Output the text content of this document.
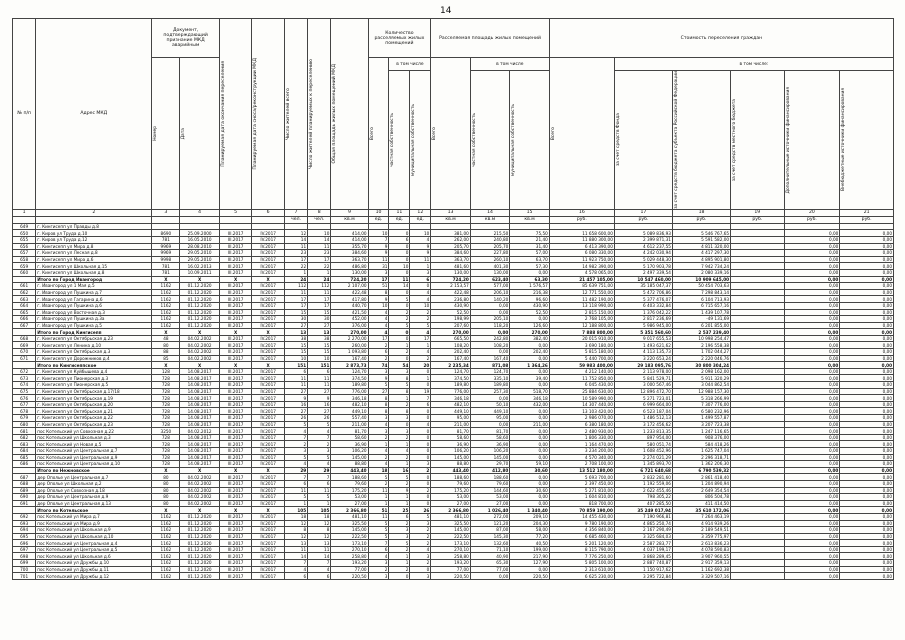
14
№ п/п	Адрес МКД	Документ, подтверждающий признание МКД аварийным		Планируемая дата окончания переселения	Планируемая дата сноса/реконструкции МКД	Число жителей всего	Число жителей планируемых к переселению	Общая площадь жилых помещений МКД	Количество расселяемых жилых помещений			Расселяемая площадь жилых помещений			Стоимость переселения граждан					

		Номер	Дата						Всего	в том числе		Всего	в том числе		Всего	в том числе:				

										частная собственность	муниципальная собственность		частная собственность	муниципальная собственность		за счет средств Фонда	за счет средств бюджета субъекта Российской Федерации	за счет средств местного бюджета	Дополнительные источники финансирования	Внебюджетные источники финансирования

1	2	3	4	5	6	7	8	9	10	11	12	13	14	15	16	17	18	19	20	21
						чел.	чел.	кв.м	ед.	ед.	ед.	кв.м	кв.м	кв.м	руб.	руб.	руб.	руб.	руб.	руб.
649	г. Кингисепп ул Правды д.8																			
650	г. Киров ул Труда д.10	8690	25.09.2000	III.2017	IV.2017	12	10	414,00	10	0	10	381,00	215,50	75,50	11 658 600,00	5 089 836,93	5 546 767,65		0,00	0,00
655	г. Киров ул Труда д.12	781	16.05.2010	III.2017	IV.2017	14	14	414,00	7	6	4	262,00	240,80	21,40	11 880 300,00	2 399 871,31	5 591 582,00		0,00	0,00
656	г. Кингисепп ул Мира д.8	9969	28.08.2010	III.2017	IV.2017	11	11	355,70	9	0	9	205,70	205,70	31,40	6 413 390,00	4 612 237,55	4 811 320,00		0,00	0,00
657	г. Кингисепп ул Лесная д.8	9969	29.05.2010	III.2017	IV.2017	23	23	384,60	9	0	9	384,60	227,80	57,00	6 080 330,00	4 242 030,94	4 417 297,30		0,00	0,00
658	г. Кингисепп ул Мира д.6	9998	29.05.2010	III.2017	IV.2017	17	17	363,70	11	0	11	363,70	260,10	63,70	11 923 750,00	5 029 448,30	4 895 901,80		0,00	0,00
659	г. Кингисепп ул Школьная д.15	781	16.02.2013	III.2017	IV.2017	22	22	486,80	31	10	1	481,60	401,30	57,30	14 982 390,00	5 170 903,78	7 942 734,24		0,00	0,00
660	г. Кингисепп ул Школьная д.8	781	10.09.2011	III.2017	IV.2017	1	1	130,00	3	0	3	130,00	130,00	0,00	4 578 065,00	2 497 339,54	2 080 339,16		0,00	0,00
	Итого по Город Ивангород	X	X	X	X	24	24	724,20	17	11	6	724,20	623,40	63,30	21 457 105,00	10 547 460,00	10 909 645,00		0,00	0,00
661	г. Ивангород ул 1 Мая д.5	1162	01.12.2020	III.2017	IV.2017	112	112	2 107,00	51	14	0	2 153,57	577,00	1 576,57	85 639 751,00	35 185 047,37	50 454 703,63		0,00	0,00
662	г. Ивангород ул Пушкина д.7	1162	01.12.2020	III.2017	IV.2017	11	11	422,48	8	0	4	422,48	206,10	216,38	12 771 550,00	5 472 706,86	7 298 843,14		0,00	0,00
663	г. Ивангород ул Гагарина д.6	1162	01.12.2020	III.2017	IV.2017	17	17	417,80	9	5	4	236,80	140,20	96,60	11 482 190,00	5 377 476,07	6 104 713,93		0,00	0,00
664	г. Ивангород ул Пушкина д.6	1162	01.12.2020	III.2017	IV.2017	17	17	440,70	10	0	10	430,90	0,00	430,90	13 118 990,00	6 403 332,84	6 715 657,16		0,00	0,00
665	г. Ивангород ул Восточная д.3	1162	01.12.2020	III.2017	IV.2017	15	15	421,50	4	2	2	52,50	0,00	52,50	2 815 150,00	1 376 042,22	1 439 107,78		0,00	0,00
666	г. Ивангород ул Пушкина д.3а	1162	01.12.2020	III.2017	IV.2017	30	30	452,00	4	2	2	198,99	205,10	0,00	2 768 105,00	2 817 236,69	-49 131,69		0,00	0,00
667	г. Ивангород ул Пушкина д.5	1162	01.12.2020	III.2017	IV.2017	27	27	376,00	4	5	5	207,60	118,20	126,60	12 188 800,00	5 986 945,00	6 201 855,00		0,00	0,00
	Итого по Город Кингисепп	X	X	X	X	13	13	270,00	4	0	4	270,00	0,00	270,00	7 888 800,00	5 351 560,60	2 537 239,40		0,00	0,00
668	г. Кингисепп ул Октябрьская д.23	48	04.02.2002	III.2017	IV.2017	38	38	2 270,00	17	0	17	665,50	242,80	382,40	20 015 910,00	9 017 655,53	10 998 254,47		0,00	0,00
669	г. Кингисепп ул Ленина д.10	80	04.02.2002	III.2017	IV.2017	15	15	260,00	2	1	1	108,20	108,20	0,00	3 690 180,00	1 493 621,62	2 196 558,38		0,00	0,00
670	г. Кингисепп ул Октябрьская д.3	88	04.02.2002	III.2017	IV.2017	15	15	1 093,80	6	2	4	202,40	0,00	202,40	5 815 180,00	4 113 135,73	1 702 044,27		0,00	0,00
671	г. Кингисепп ул Дорожников д.4	85	04.02.2002	III.2017	IV.2017	10	10	167,40	2	0	2	167,40	167,40	0,00	5 440 700,00	3 220 653,24	2 220 046,76		0,00	0,00
	Итого по Кингисеппское	X	X	X	X	151	151	2 873,73	74	54	20	2 235,34	871,08	1 364,26	59 983 400,00	29 183 095,76	30 800 304,24		0,00	0,00
672	г. Кингисепп ул Куйбышева д.4	128	14.08.2017	III.2017	IV.2017	6	6	124,70	3	3	0	124,70	124,70	0,00	4 212 140,00	2 113 978,00	2 098 162,00		0,00	0,00
673	г. Кингисепп ул Пионерская д.3	728	14.08.2017	III.2017	IV.2017	11	11	374,50	9	8	1	374,50	335,10	39,40	11 752 850,00	5 841 529,71	5 911 320,29		0,00	0,00
674	г. Кингисепп ул Пионерская д.5	728	14.08.2017	III.2017	IV.2017	11	11	189,80	5	5	0	189,80	189,80	0,00	6 045 430,00	3 000 567,46	3 044 862,54		0,00	0,00
675	г. Кингисепп ул Октябрьская д.17/18	728	14.08.2017	III.2017	IV.2017	27	27	776,00	27	8	19	776,00	257,30	518,70	25 884 630,00	12 896 472,70	12 988 157,30		0,00	0,00
676	г. Кингисепп ул Октябрьская д.19	728	14.08.2017	III.2017	IV.2017	9	9	346,18	8	1	7	346,18	0,00	346,18	10 589 990,00	5 271 723,01	5 318 266,99		0,00	0,00
677	г. Кингисепп ул Октябрьская д.20	728	14.08.2017	III.2017	IV.2017	16	16	482,10	8	2	6	482,10	50,10	432,00	14 307 440,00	6 999 664,00	7 307 776,00		0,00	0,00
678	г. Кингисепп ул Октябрьская д.21	728	14.08.2017	III.2017	IV.2017	27	27	449,10	8	8	0	449,10	449,10	0,00	13 103 420,00	6 523 187,04	6 580 232,96		0,00	0,00
679	г. Кингисепп ул Октябрьская д.22	728	14.08.2017	III.2017	IV.2017	26	26	557,40	3	3	0	95,00	95,00	0,00	2 986 070,00	1 486 512,13	1 499 557,87		0,00	0,00
680	г. Кингисепп ул Октябрьская д.23	728	14.08.2017	III.2017	IV.2017	5	5	211,00	4	0	4	211,00	0,00	211,00	6 380 180,00	3 172 456,62	3 207 723,38		0,00	0,00
681	пос Котельский ул Совхозная д.22	3250	04.02.2012	III.2017	IV.2017	4	4	81,70	3	3	0	81,70	81,70	0,00	2 480 930,00	1 233 813,35	1 247 116,65		0,00	0,00
682	пос Котельский ул Школьная д.3	728	14.08.2017	III.2017	IV.2017	7	7	58,60	2	2	0	58,60	58,60	0,00	1 806 330,00	897 954,00	908 376,00		0,00	0,00
683	пос Котельский ул Новая д.5	728	14.08.2017	III.2017	IV.2017	2	2	36,90	1	1	0	36,90	36,90	0,00	1 164 470,00	580 051,74	584 418,26		0,00	0,00
684	пос Котельский ул Центральная д.7	728	14.08.2017	III.2017	IV.2017	3	3	106,20	4	4	0	106,20	106,20	0,00	3 234 200,00	1 608 452,96	1 625 747,04		0,00	0,00
685	пос Котельский ул Центральная д.9	728	14.08.2017	III.2017	IV.2017	5	5	145,00	2	2	0	145,00	145,00	0,00	4 570 340,00	2 274 021,29	2 296 318,71		0,00	0,00
686	пос Котельский ул Центральная д.10	728	14.08.2017	III.2017	IV.2017	4	4	88,80	4	1	3	88,80	29,70	59,10	2 708 100,00	1 345 893,70	1 362 206,30		0,00	0,00
	Итого по Нежновское	X	X	X	X	29	29	443,40	18	16	2	443,40	412,80	30,60	13 512 180,00	6 721 640,68	6 790 539,32		0,00	0,00
687	дер Ополье ул Центральная д.7	80	04.02.2002	III.2017	IV.2017	7	7	188,60	5	5	0	188,60	188,60	0,00	5 693 700,00	2 832 281,60	2 861 418,40		0,00	0,00
688	дер Ополье ул Школьная д.2	80	04.02.2002	III.2017	IV.2017	6	6	79,60	2	2	0	79,60	79,60	0,00	2 397 450,00	1 192 559,06	1 204 890,94		0,00	0,00
689	дер Ополье ул Совхозная д.18	80	04.02.2002	III.2017	IV.2017	11	11	175,20	11	9	2	175,20	144,60	30,60	5 271 810,00	2 622 455,46	2 649 354,54		0,00	0,00
690	дер Ополье ул Центральная д.9	80	04.02.2002	III.2017	IV.2017	5	5	53,00	1	1	0	53,00	53,00	0,00	1 604 810,00	798 305,22	806 504,78		0,00	0,00
691	дер Ополье ул Центральная д.13	80	04.02.2002	III.2017	IV.2017	1	1	27,00	1	1	0	27,00	27,00	0,00	818 700,00	407 285,50	411 414,50		0,00	0,00
	Итого по Котельское	X	X	X	X	105	105	2 366,80	51	25	26	2 366,80	1 026,40	1 340,40	70 859 190,00	35 249 017,94	35 610 172,06		0,00	0,00
692	пос Котельский ул Мира д.7	1162	01.12.2020	III.2017	IV.2017	18	18	481,10	11	6	5	481,10	272,00	209,10	14 455 430,00	7 190 966,81	7 264 463,19		0,00	0,00
693	пос Котельский ул Мира д.9	1162	01.12.2020	III.2017	IV.2017	12	12	325,50	5	2	3	325,50	121,20	204,30	9 780 190,00	4 865 250,74	4 914 939,26		0,00	0,00
694	пос Котельский ул Школьная д.9	1162	01.12.2020	III.2017	IV.2017	8	8	145,00	5	3	2	145,00	87,00	58,00	4 356 840,00	2 167 290,49	2 189 549,51		0,00	0,00
695	пос Котельский ул Школьная д.10	1162	01.12.2020	III.2017	IV.2017	12	12	222,50	5	3	2	222,50	145,30	77,20	6 685 460,00	3 325 684,03	3 359 775,97		0,00	0,00
696	пос Котельский ул Центральная д.4	1162	01.12.2020	III.2017	IV.2017	13	13	173,10	7	5	2	173,10	132,60	40,50	5 201 120,00	2 587 283,77	2 613 836,23		0,00	0,00
697	пос Котельский ул Центральная д.5	1162	01.12.2020	III.2017	IV.2017	11	11	270,10	6	2	4	270,10	71,10	199,00	8 115 790,00	4 037 199,17	4 078 590,83		0,00	0,00
698	пос Котельский ул Школьная д.6	1162	01.12.2020	III.2017	IV.2017	14	14	258,80	4	1	3	258,80	40,90	217,90	7 776 250,00	3 868 289,45	3 907 960,55		0,00	0,00
699	пос Котельский ул Дружбы д.10	1162	01.12.2020	III.2017	IV.2017	7	7	193,20	3	1	2	193,20	65,30	127,90	5 805 100,00	2 887 740,87	2 917 359,13		0,00	0,00
700	пос Котельский ул Дружбы д.11	1162	01.12.2020	III.2017	IV.2017	4	4	77,00	2	2	0	77,00	77,00	0,00	2 313 610,00	1 150 917,62	1 162 692,38		0,00	0,00
701	пос Котельский ул Дружбы д.12	1162	01.12.2020	III.2017	IV.2017	6	6	220,50	3	0	3	220,50	0,00	220,50	6 625 230,00	3 295 722,84	3 329 507,16		0,00	0,00
